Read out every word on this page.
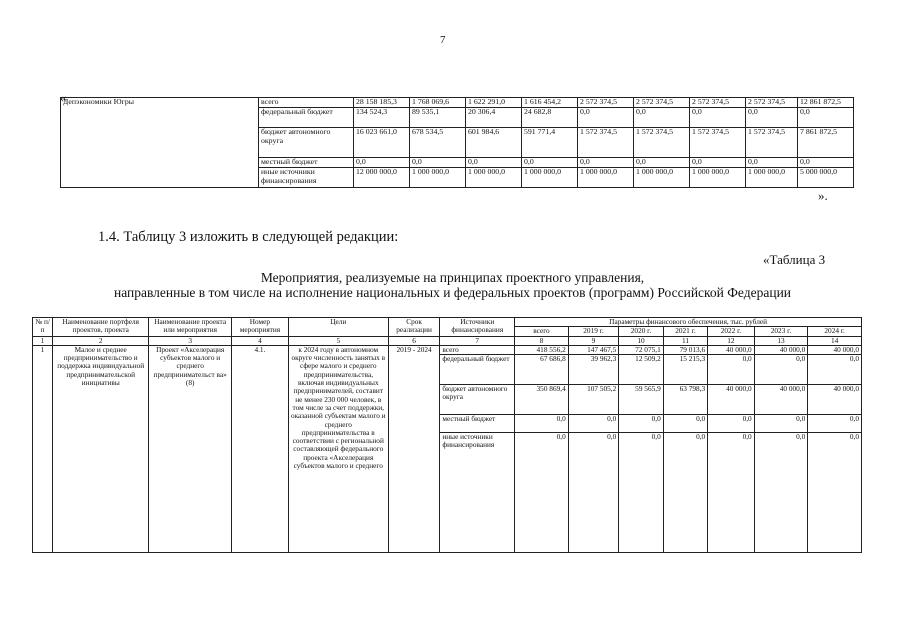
7
«
Депэкономики Югры	всего	28 158 185,3	1 768 069,6	1 622 291,0	1 616 454,2	2 572 374,5	2 572 374,5	2 572 374,5	2 572 374,5	12 861 872,5
	федеральный бюджет	134 524,3	89 535,1	20 306,4	24 682,8	0,0	0,0	0,0	0,0	0,0
	бюджет автономного округа	16 023 661,0	678 534,5	601 984,6	591 771,4	1 572 374,5	1 572 374,5	1 572 374,5	1 572 374,5	7 861 872,5
	местный бюджет	0,0	0,0	0,0	0,0	0,0	0,0	0,0	0,0	0,0
	иные источники финансирования	12 000 000,0	1 000 000,0	1 000 000,0	1 000 000,0	1 000 000,0	1 000 000,0	1 000 000,0	1 000 000,0	5 000 000,0
».
1.4. Таблицу 3 изложить в следующей редакции:
«Таблица 3
Мероприятия, реализуемые на принципах проектного управления,
направленные в том числе на исполнение национальных и федеральных проектов (программ) Российской Федерации
№ п/п	Наименование портфеля проектов, проекта	Наименование проекта или мероприятия	Номер мероприятия	Цели	Срок реализации	Источники финансирования	Параметры финансового обеспечения, тыс. рублей						
							всего	2019 г.	2020 г.	2021 г.	2022 г.	2023 г.	2024 г.
1	2	3	4	5	6	7	8	9	10	11	12	13	14
1	Малое и среднее предпринимательство и поддержка индивидуальной предпринимательской инициативы	Проект «Акселерация субъектов малого и среднего предпринимательст ва» (8)	4.1.	к 2024 году в автономном округе численность занятых в сфере малого и среднего предпринимательства, включая индивидуальных предпринимателей, составит не менее 230 000 человек, в том числе за счет поддержки, оказанной субъектам малого и среднего предпринимательства в соответствии с региональной составляющей федерального проекта «Акселерация субъектов малого и среднего	2019 - 2024	всего	418 556,2	147 467,5	72 075,1	79 013,6	40 000,0	40 000,0	40 000,0
						федеральный бюджет	67 686,8	39 962,3	12 509,2	15 215,3	0,0	0,0	0,0
						бюджет автономного округа	350 869,4	107 505,2	59 565,9	63 798,3	40 000,0	40 000,0	40 000,0
						местный бюджет	0,0	0,0	0,0	0,0	0,0	0,0	0,0
						иные источники финансирования	0,0	0,0	0,0	0,0	0,0	0,0	0,0
